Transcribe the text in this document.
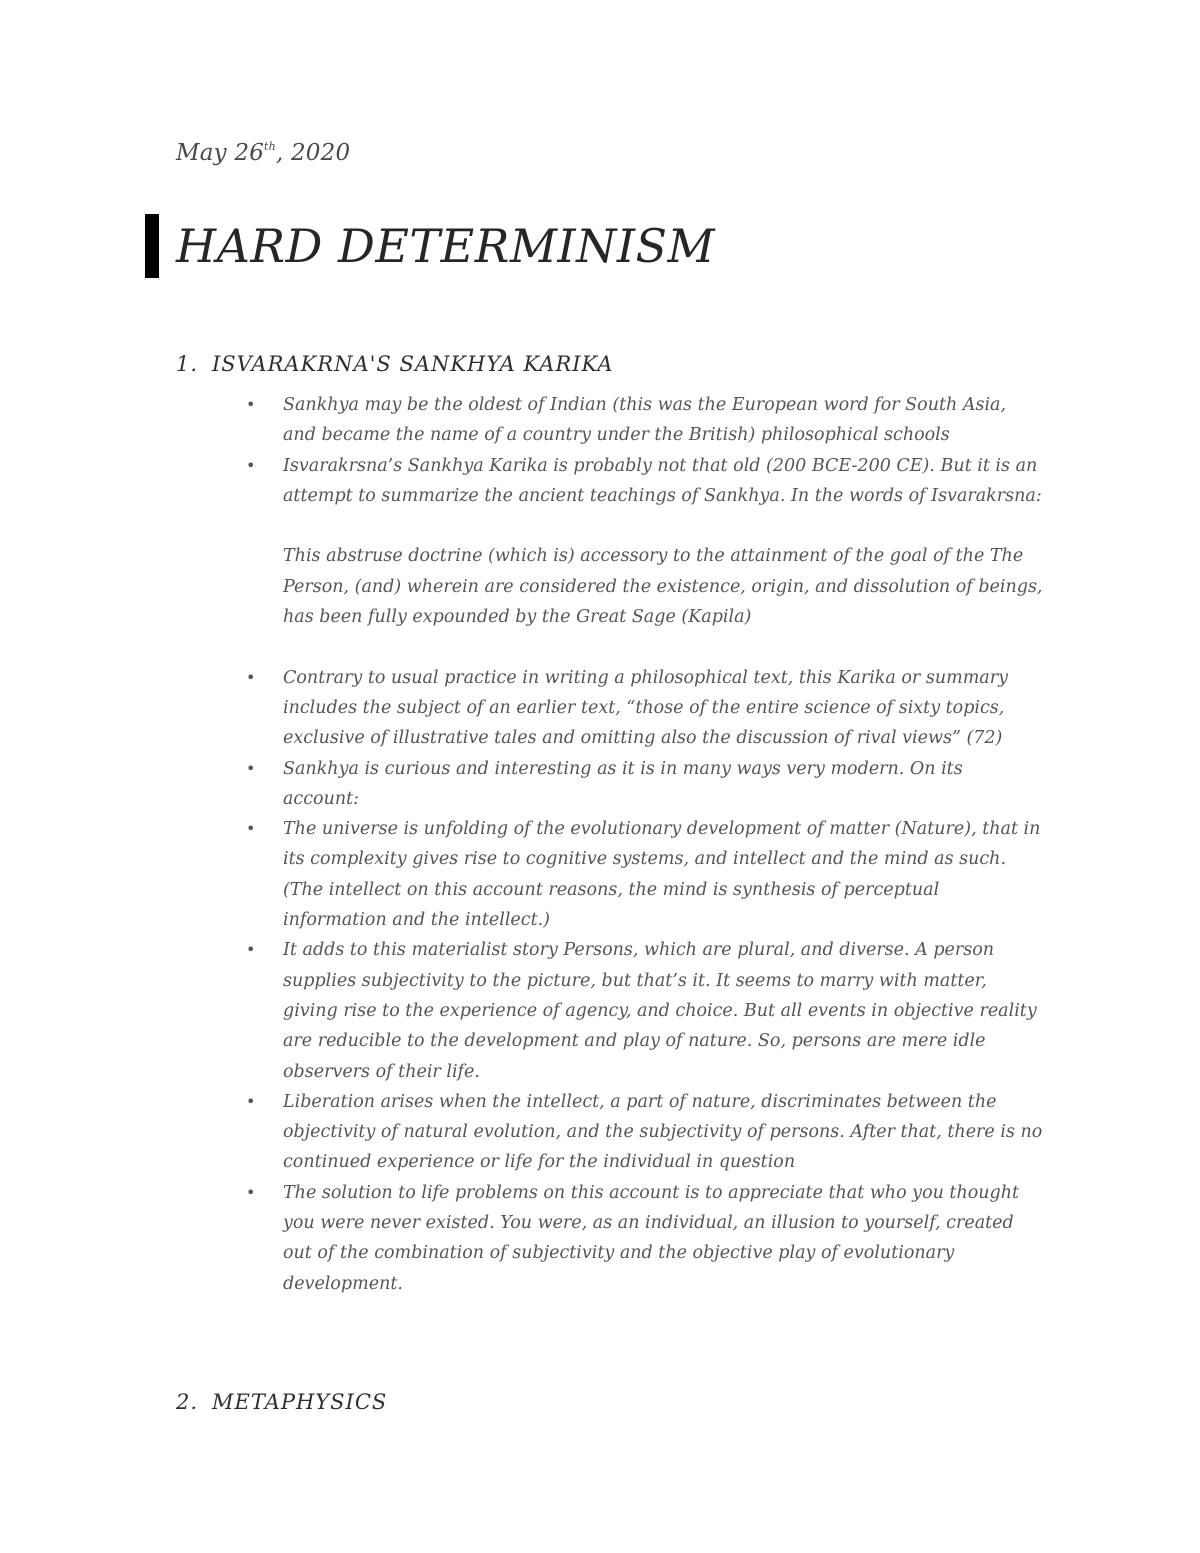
May 26th, 2020
HARD DETERMINISM
1. ISVARAKRNA'S SANKHYA KARIKA
• Sankhya may be the oldest of Indian (this was the European word for South Asia, and became the name of a country under the British) philosophical schools
• Isvarakrsna’s Sankhya Karika is probably not that old (200 BCE-200 CE). But it is an attempt to summarize the ancient teachings of Sankhya. In the words of Isvarakrsna:
This abstruse doctrine (which is) accessory to the attainment of the goal of the The Person, (and) wherein are considered the existence, origin, and dissolution of beings, has been fully expounded by the Great Sage (Kapila)
• Contrary to usual practice in writing a philosophical text, this Karika or summary includes the subject of an earlier text, “those of the entire science of sixty topics, exclusive of illustrative tales and omitting also the discussion of rival views” (72)
• Sankhya is curious and interesting as it is in many ways very modern. On its account:
• The universe is unfolding of the evolutionary development of matter (Nature), that in its complexity gives rise to cognitive systems, and intellect and the mind as such. (The intellect on this account reasons, the mind is synthesis of perceptual information and the intellect.)
• It adds to this materialist story Persons, which are plural, and diverse. A person supplies subjectivity to the picture, but that’s it. It seems to marry with matter, giving rise to the experience of agency, and choice. But all events in objective reality are reducible to the development and play of nature. So, persons are mere idle observers of their life.
• Liberation arises when the intellect, a part of nature, discriminates between the objectivity of natural evolution, and the subjectivity of persons. After that, there is no continued experience or life for the individual in question
• The solution to life problems on this account is to appreciate that who you thought you were never existed. You were, as an individual, an illusion to yourself, created out of the combination of subjectivity and the objective play of evolutionary development.
2. METAPHYSICS
